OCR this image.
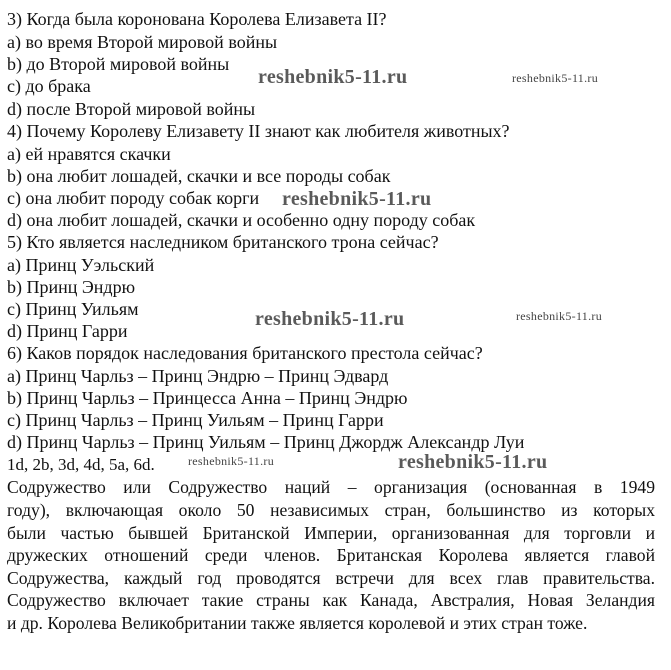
3) Когда была коронована Королева Елизавета II?
a) во время Второй мировой войны
b) до Второй мировой войны
c) до брака
d) после Второй мировой войны
4) Почему Королеву Елизавету II знают как любителя животных?
a) ей нравятся скачки
b) она любит лошадей, скачки и все породы собак
c) она любит породу собак корги
d) она любит лошадей, скачки и особенно одну породу собак
5) Кто является наследником британского трона сейчас?
a) Принц Уэльский
b) Принц Эндрю
c) Принц Уильям
d) Принц Гарри
6) Каков порядок наследования британского престола сейчас?
a) Принц Чарльз – Принц Эндрю – Принц Эдвард
b) Принц Чарльз – Принцесса Анна – Принц Эндрю
c) Принц Чарльз – Принц Уильям – Принц Гарри
d) Принц Чарльз – Принц Уильям – Принц Джордж Александр Луи
1d, 2b, 3d, 4d, 5a, 6d.
Содружество или Содружество наций – организация (основанная в 1949
году), включающая около 50 независимых стран, большинство из которых
были частью бывшей Британской Империи, организованная для торговли и
дружеских отношений среди членов. Британская Королева является главой
Содружества, каждый год проводятся встречи для всех глав правительства.
Содружество включает такие страны как Канада, Австралия, Новая Зеландия
и др. Королева Великобритании также является королевой и этих стран тоже.
reshebnik5-11.ru	reshebnik5-11.ru
reshebnik5-11.ru
reshebnik5-11.ru	reshebnik5-11.ru
reshebnik5-11.ru	reshebnik5-11.ru
